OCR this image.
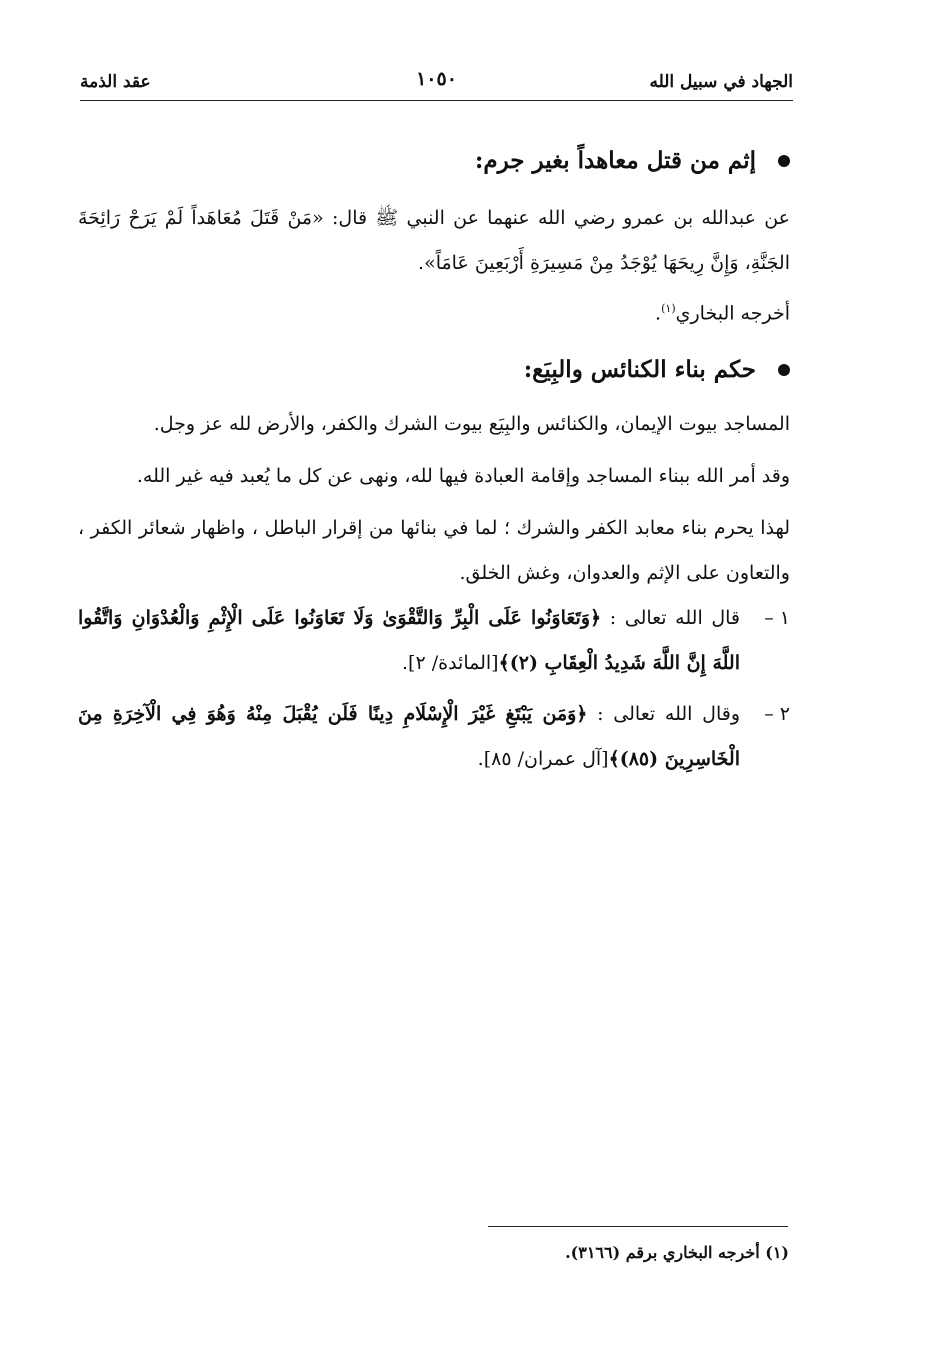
الجهاد في سبيل الله
١٠٥٠
عقد الذمة
إثم من قتل معاهداً بغير جرم:
عن عبدالله بن عمرو رضي الله عنهما عن النبي ﷺ قال: «مَنْ قَتَلَ مُعَاهَداً لَمْ يَرَحْ رَائِحَةَ الجَنَّةِ، وَإِنَّ رِيحَهَا يُوْجَدُ مِنْ مَسِيرَةِ أَرْبَعِينَ عَامَاً».
أخرجه البخاري$^{(١)}$.
حكم بناء الكنائس والبِيَع:
المساجد بيوت الإيمان، والكنائس والبِيَع بيوت الشرك والكفر، والأرض لله عز وجل.
وقد أمر الله ببناء المساجد وإقامة العبادة فيها لله، ونهى عن كل ما يُعبد فيه غير الله.
لهذا يحرم بناء معابد الكفر والشرك ؛ لما في بنائها من إقرار الباطل ، واظهار شعائر الكفر ، والتعاون على الإثم والعدوان، وغش الخلق.
١ –
قال الله تعالى : ﴿وَتَعَاوَنُوا عَلَى الْبِرِّ وَالتَّقْوَىٰ وَلَا تَعَاوَنُوا عَلَى الْإِثْمِ وَالْعُدْوَانِ وَاتَّقُوا اللَّهَ إِنَّ اللَّهَ شَدِيدُ الْعِقَابِ (٢)﴾[المائدة/ ٢].
٢ –
وقال الله تعالى : ﴿وَمَن يَبْتَغِ غَيْرَ الْإِسْلَامِ دِينًا فَلَن يُقْبَلَ مِنْهُ وَهُوَ فِي الْآخِرَةِ مِنَ الْخَاسِرِينَ (٨٥)﴾[آل عمران/ ٨٥].
(١) أخرجه البخاري برقم (٣١٦٦).
